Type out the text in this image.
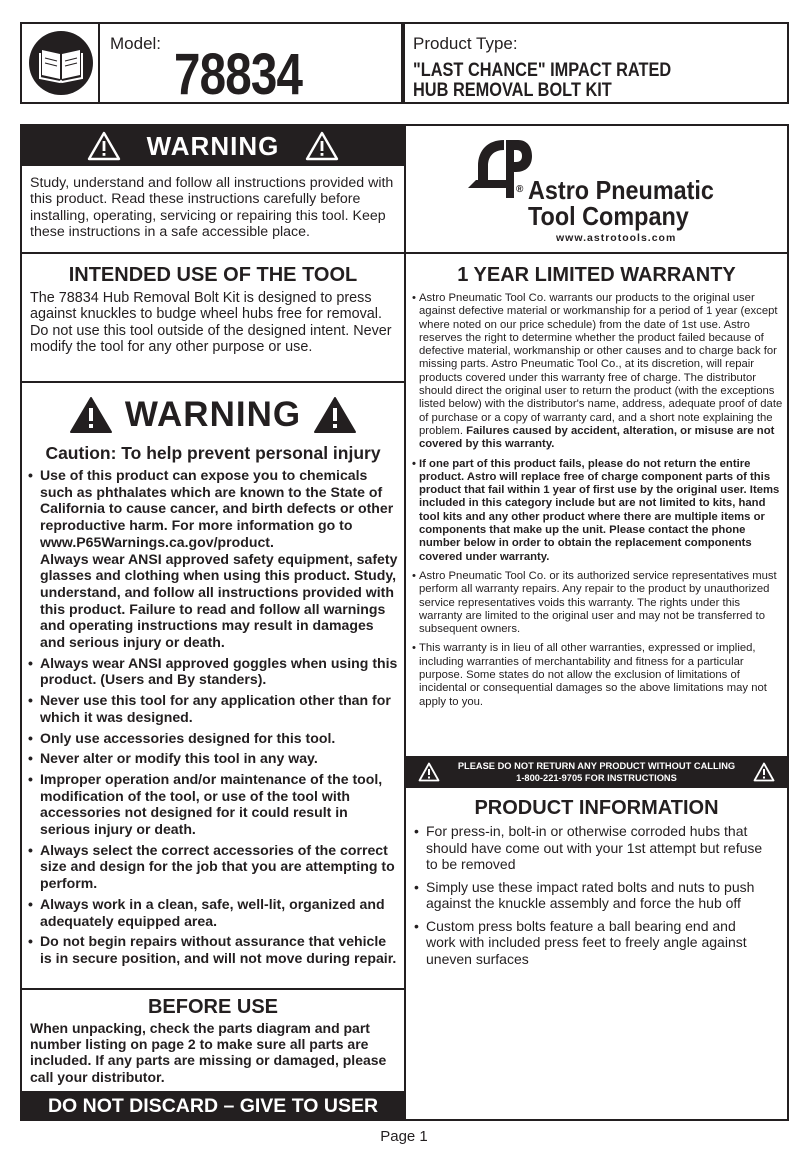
Model: 78834	Product Type:
"LAST CHANCE" IMPACT RATED
HUB REMOVAL BOLT KIT
WARNING
Study, understand and follow all instructions provided with this product. Read these instructions carefully before installing, operating, servicing or repairing this tool. Keep these instructions in a safe accessible place.
INTENDED USE OF THE TOOL
The 78834 Hub Removal Bolt Kit is designed to press against knuckles to budge wheel hubs free for removal. Do not use this tool outside of the designed intent. Never modify the tool for any other purpose or use.
WARNING
Caution: To help prevent personal injury
• Use of this product can expose you to chemicals such as phthalates which are known to the State of California to cause cancer, and birth defects or other reproductive harm. For more information go to www.P65Warnings.ca.gov/product.
Always wear ANSI approved safety equipment, safety glasses and clothing when using this product. Study, understand, and follow all instructions provided with this product. Failure to read and follow all warnings and operating instructions may result in damages and serious injury or death.
• Always wear ANSI approved goggles when using this product. (Users and By standers).
• Never use this tool for any application other than for which it was designed.
• Only use accessories designed for this tool.
• Never alter or modify this tool in any way.
• Improper operation and/or maintenance of the tool, modification of the tool, or use of the tool with accessories not designed for it could result in serious injury or death.
• Always select the correct accessories of the correct size and design for the job that you are attempting to perform.
• Always work in a clean, safe, well-lit, organized and adequately equipped area.
• Do not begin repairs without assurance that vehicle is in secure position, and will not move during repair.
BEFORE USE
When unpacking, check the parts diagram and part number listing on page 2 to make sure all parts are included. If any parts are missing or damaged, please call your distributor.
DO NOT DISCARD – GIVE TO USER
® Astro Pneumatic
Tool Company
www.astrotools.com
1 YEAR LIMITED WARRANTY
• Astro Pneumatic Tool Co. warrants our products to the original user against defective material or workmanship for a period of 1 year (except where noted on our price schedule) from the date of 1st use. Astro reserves the right to determine whether the product failed because of defective material, workmanship or other causes and to charge back for missing parts. Astro Pneumatic Tool Co., at its discretion, will repair products covered under this warranty free of charge. The distributor should direct the original user to return the product (with the exceptions listed below) with the distributor's name, address, adequate proof of date of purchase or a copy of warranty card, and a short note explaining the problem. Failures caused by accident, alteration, or misuse are not covered by this warranty.
• If one part of this product fails, please do not return the entire product. Astro will replace free of charge component parts of this product that fail within 1 year of first use by the original user. Items included in this category include but are not limited to kits, hand tool kits and any other product where there are multiple items or components that make up the unit. Please contact the phone number below in order to obtain the replacement components covered under warranty.
• Astro Pneumatic Tool Co. or its authorized service representatives must perform all warranty repairs. Any repair to the product by unauthorized service representatives voids this warranty. The rights under this warranty are limited to the original user and may not be transferred to subsequent owners.
• This warranty is in lieu of all other warranties, expressed or implied, including warranties of merchantability and fitness for a particular purpose. Some states do not allow the exclusion of limitations of incidental or consequential damages so the above limitations may not apply to you.
PLEASE DO NOT RETURN ANY PRODUCT WITHOUT CALLING
1-800-221-9705 FOR INSTRUCTIONS
PRODUCT INFORMATION
• For press-in, bolt-in or otherwise corroded hubs that should have come out with your 1st attempt but refuse to be removed
• Simply use these impact rated bolts and nuts to push against the knuckle assembly and force the hub off
• Custom press bolts feature a ball bearing end and work with included press feet to freely angle against uneven surfaces
Page 1
